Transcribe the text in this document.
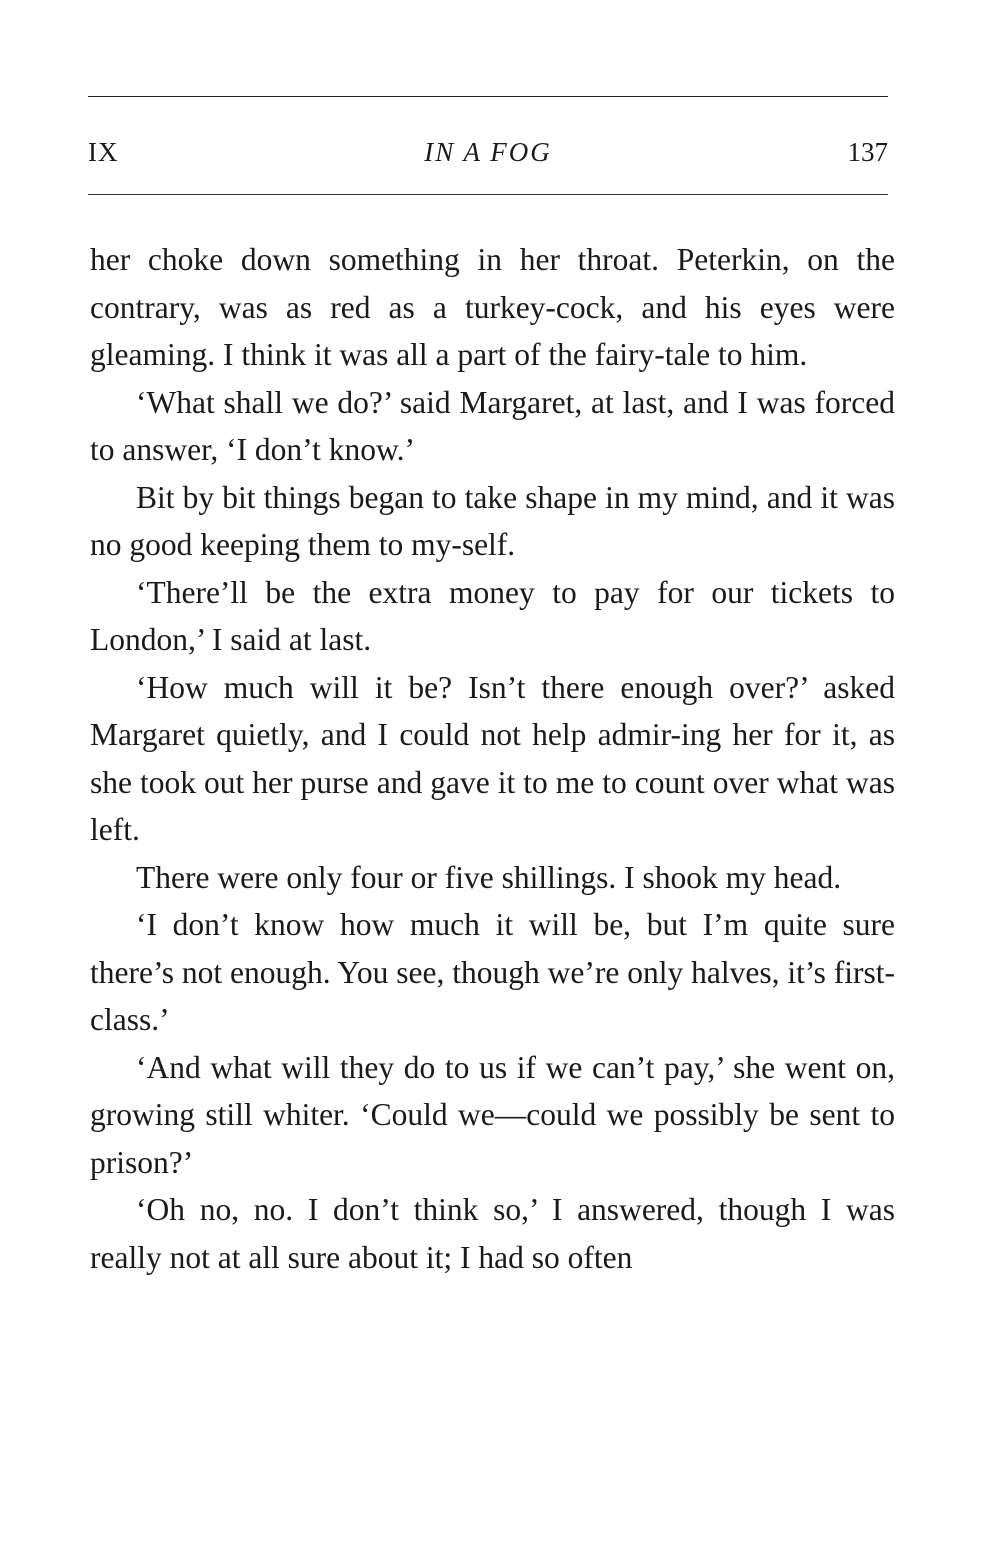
IX	IN A FOG	137

her choke down something in her throat. Peterkin, on the contrary, was as red as a turkey-cock, and his eyes were gleaming. I think it was all a part of the fairy-tale to him.

‘What shall we do?’ said Margaret, at last, and I was forced to answer, ‘I don’t know.’

Bit by bit things began to take shape in my mind, and it was no good keeping them to my-self.

‘There’ll be the extra money to pay for our tickets to London,’ I said at last.

‘How much will it be? Isn’t there enough over?’ asked Margaret quietly, and I could not help admir-ing her for it, as she took out her purse and gave it to me to count over what was left.

There were only four or five shillings. I shook my head.

‘I don’t know how much it will be, but I’m quite sure there’s not enough. You see, though we’re only halves, it’s first-class.’

‘And what will they do to us if we can’t pay,’ she went on, growing still whiter. ‘Could we—could we possibly be sent to prison?’

‘Oh no, no. I don’t think so,’ I answered, though I was really not at all sure about it; I had so often
